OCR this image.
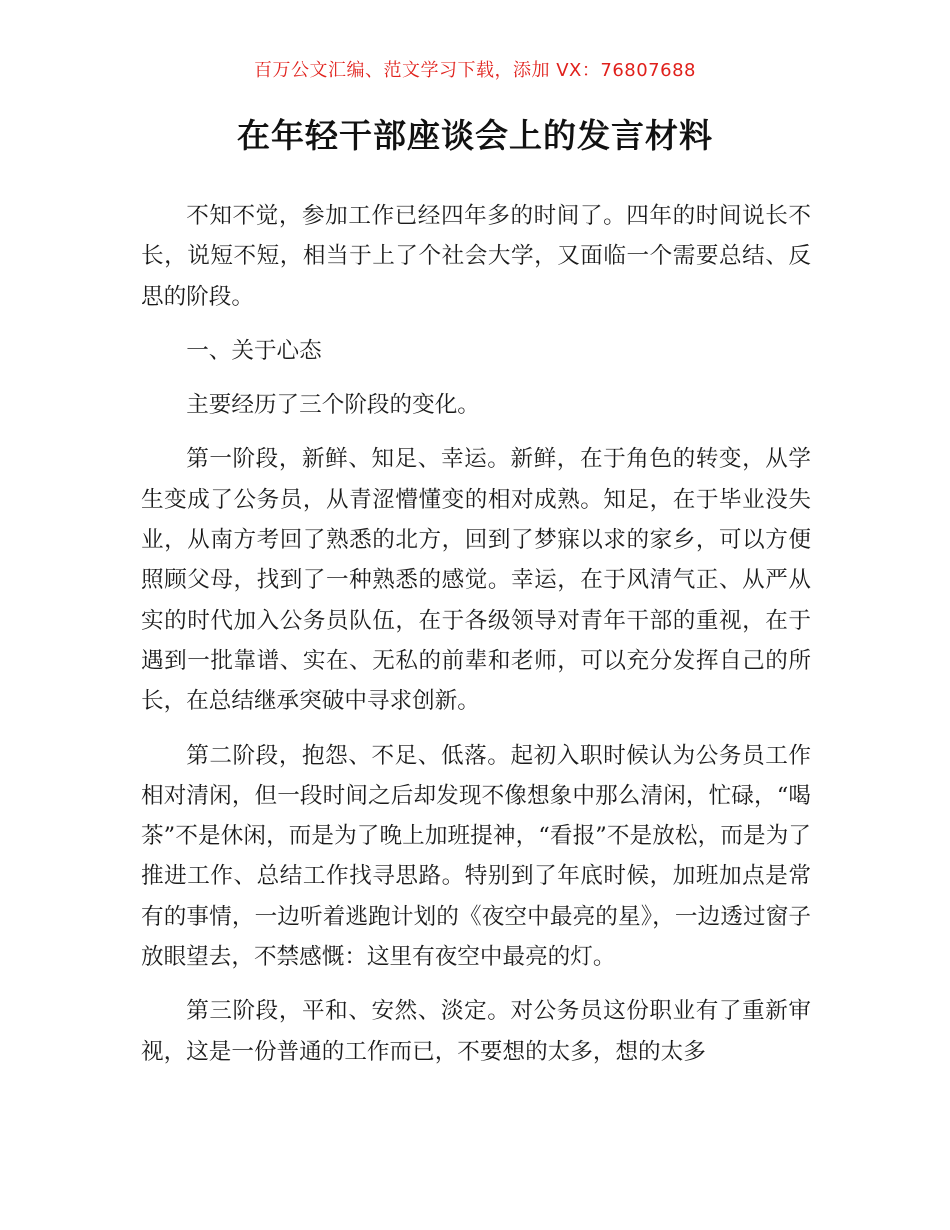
百万公文汇编、范文学习下载，添加 VX：76807688
在年轻干部座谈会上的发言材料

不知不觉，参加工作已经四年多的时间了。四年的时间说长不长，说短不短，相当于上了个社会大学，又面临一个需要总结、反思的阶段。

一、关于心态

主要经历了三个阶段的变化。

第一阶段，新鲜、知足、幸运。新鲜，在于角色的转变，从学生变成了公务员，从青涩懵懂变的相对成熟。知足，在于毕业没失业，从南方考回了熟悉的北方，回到了梦寐以求的家乡，可以方便照顾父母，找到了一种熟悉的感觉。幸运，在于风清气正、从严从实的时代加入公务员队伍，在于各级领导对青年干部的重视，在于遇到一批靠谱、实在、无私的前辈和老师，可以充分发挥自己的所长，在总结继承突破中寻求创新。

第二阶段，抱怨、不足、低落。起初入职时候认为公务员工作相对清闲，但一段时间之后却发现不像想象中那么清闲，忙碌，“喝茶”不是休闲，而是为了晚上加班提神，“看报”不是放松，而是为了推进工作、总结工作找寻思路。特别到了年底时候，加班加点是常有的事情，一边听着逃跑计划的《夜空中最亮的星》，一边透过窗子放眼望去，不禁感慨：这里有夜空中最亮的灯。

第三阶段，平和、安然、淡定。对公务员这份职业有了重新审视，这是一份普通的工作而已，不要想的太多，想的太多
